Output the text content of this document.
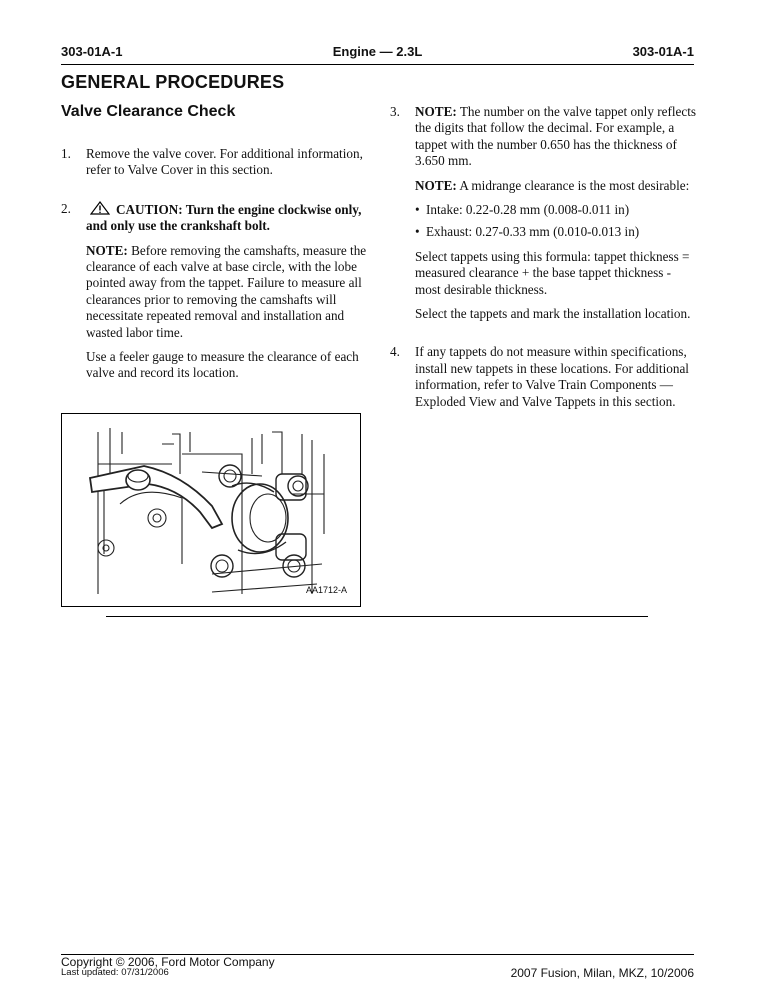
303-01A-1	Engine — 2.3L	303-01A-1
GENERAL PROCEDURES
Valve Clearance Check
1. Remove the valve cover. For additional information, refer to Valve Cover in this section.

2.	CAUTION: Turn the engine clockwise only, and only use the crankshaft bolt.

NOTE: Before removing the camshafts, measure the clearance of each valve at base circle, with the lobe pointed away from the tappet. Failure to measure all clearances prior to removing the camshafts will necessitate repeated removal and installation and wasted labor time.

Use a feeler gauge to measure the clearance of each valve and record its location.

AA1712-A
3. NOTE: The number on the valve tappet only reflects the digits that follow the decimal. For example, a tappet with the number 0.650 has the thickness of 3.650 mm.

NOTE: A midrange clearance is the most desirable:

• Intake: 0.22-0.28 mm (0.008-0.011 in)
• Exhaust: 0.27-0.33 mm (0.010-0.013 in)

Select tappets using this formula: tappet thickness = measured clearance + the base tappet thickness - most desirable thickness.

Select the tappets and mark the installation location.

4. If any tappets do not measure within specifications, install new tappets in these locations. For additional information, refer to Valve Train Components — Exploded View and Valve Tappets in this section.

Copyright © 2006, Ford Motor Company
Last updated: 07/31/2006	2007 Fusion, Milan, MKZ, 10/2006
